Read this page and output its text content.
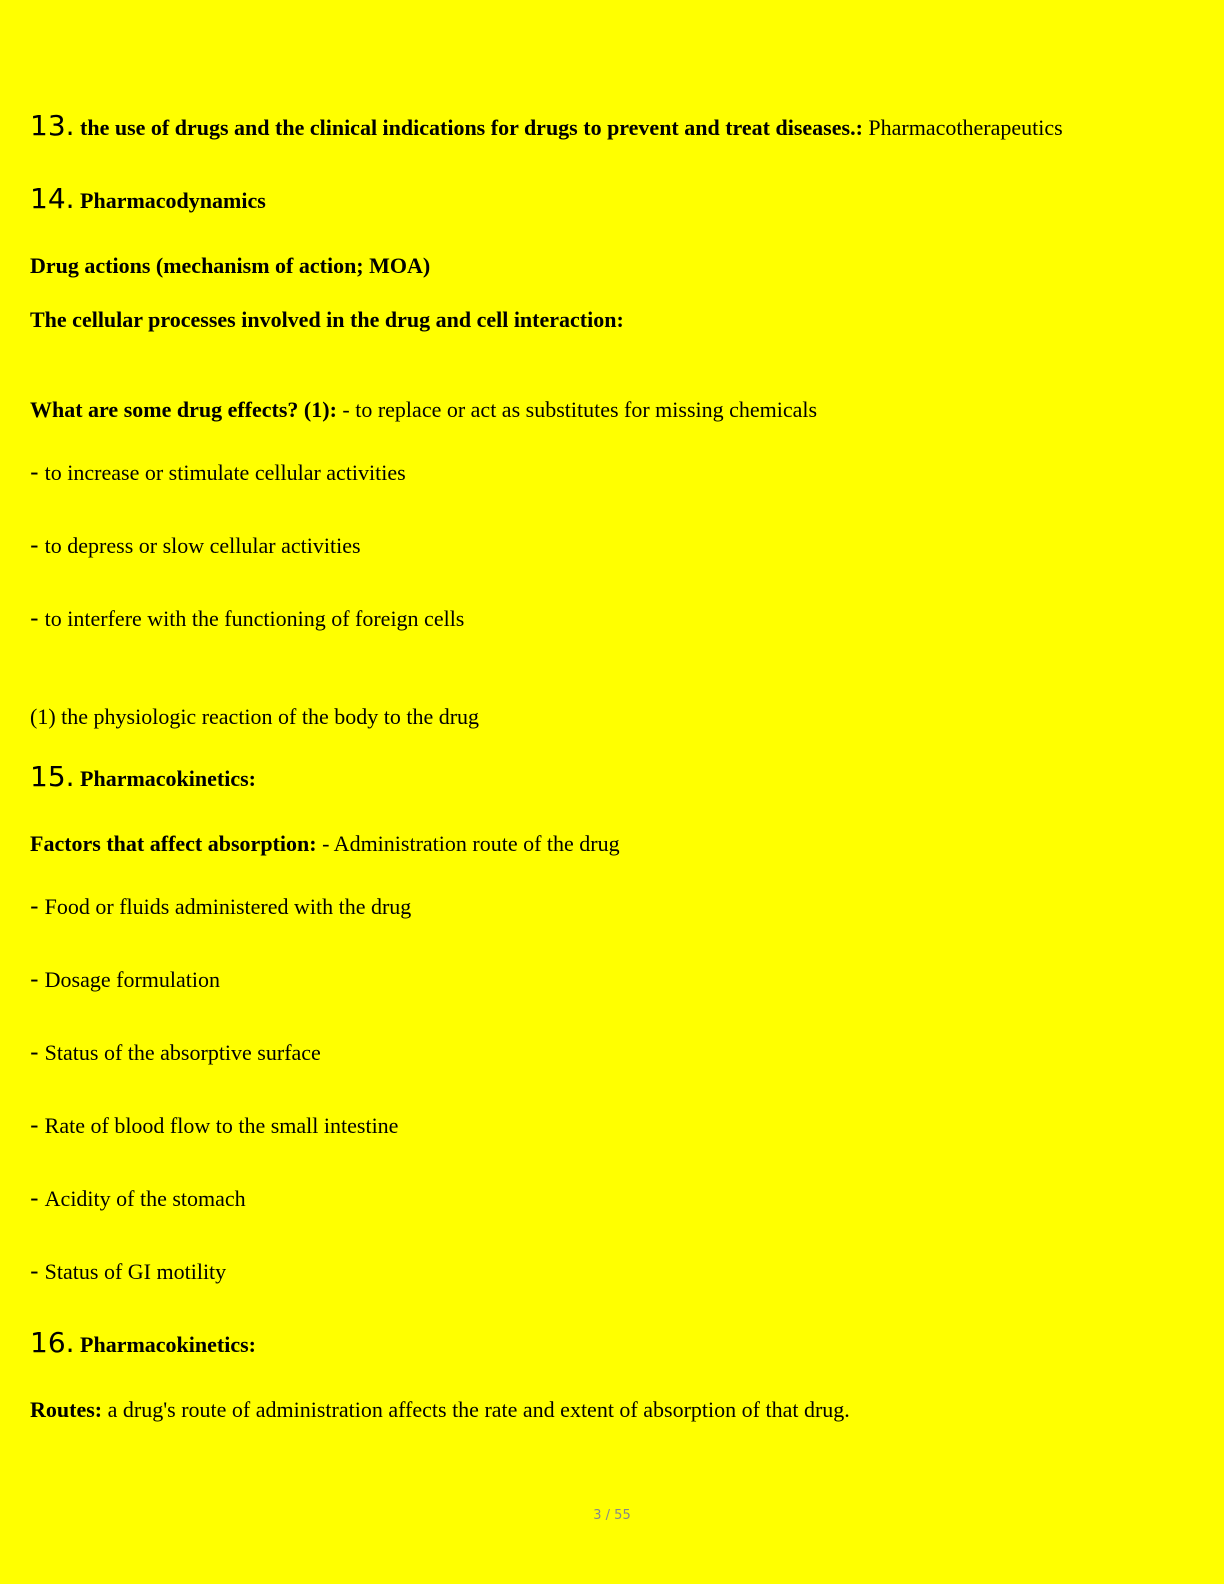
13. the use of drugs and the clinical indications for drugs to prevent and treat diseases.: Pharmacotherapeutics
14. Pharmacodynamics
Drug actions (mechanism of action; MOA)
The cellular processes involved in the drug and cell interaction:
What are some drug effects? (1): - to replace or act as substitutes for missing chemicals
- to increase or stimulate cellular activities
- to depress or slow cellular activities
- to interfere with the functioning of foreign cells
(1) the physiologic reaction of the body to the drug
15. Pharmacokinetics:
Factors that affect absorption: - Administration route of the drug
- Food or fluids administered with the drug
- Dosage formulation
- Status of the absorptive surface
- Rate of blood flow to the small intestine
- Acidity of the stomach
- Status of GI motility
16. Pharmacokinetics:
Routes: a drug's route of administration affects the rate and extent of absorption of that drug.
3 / 55
